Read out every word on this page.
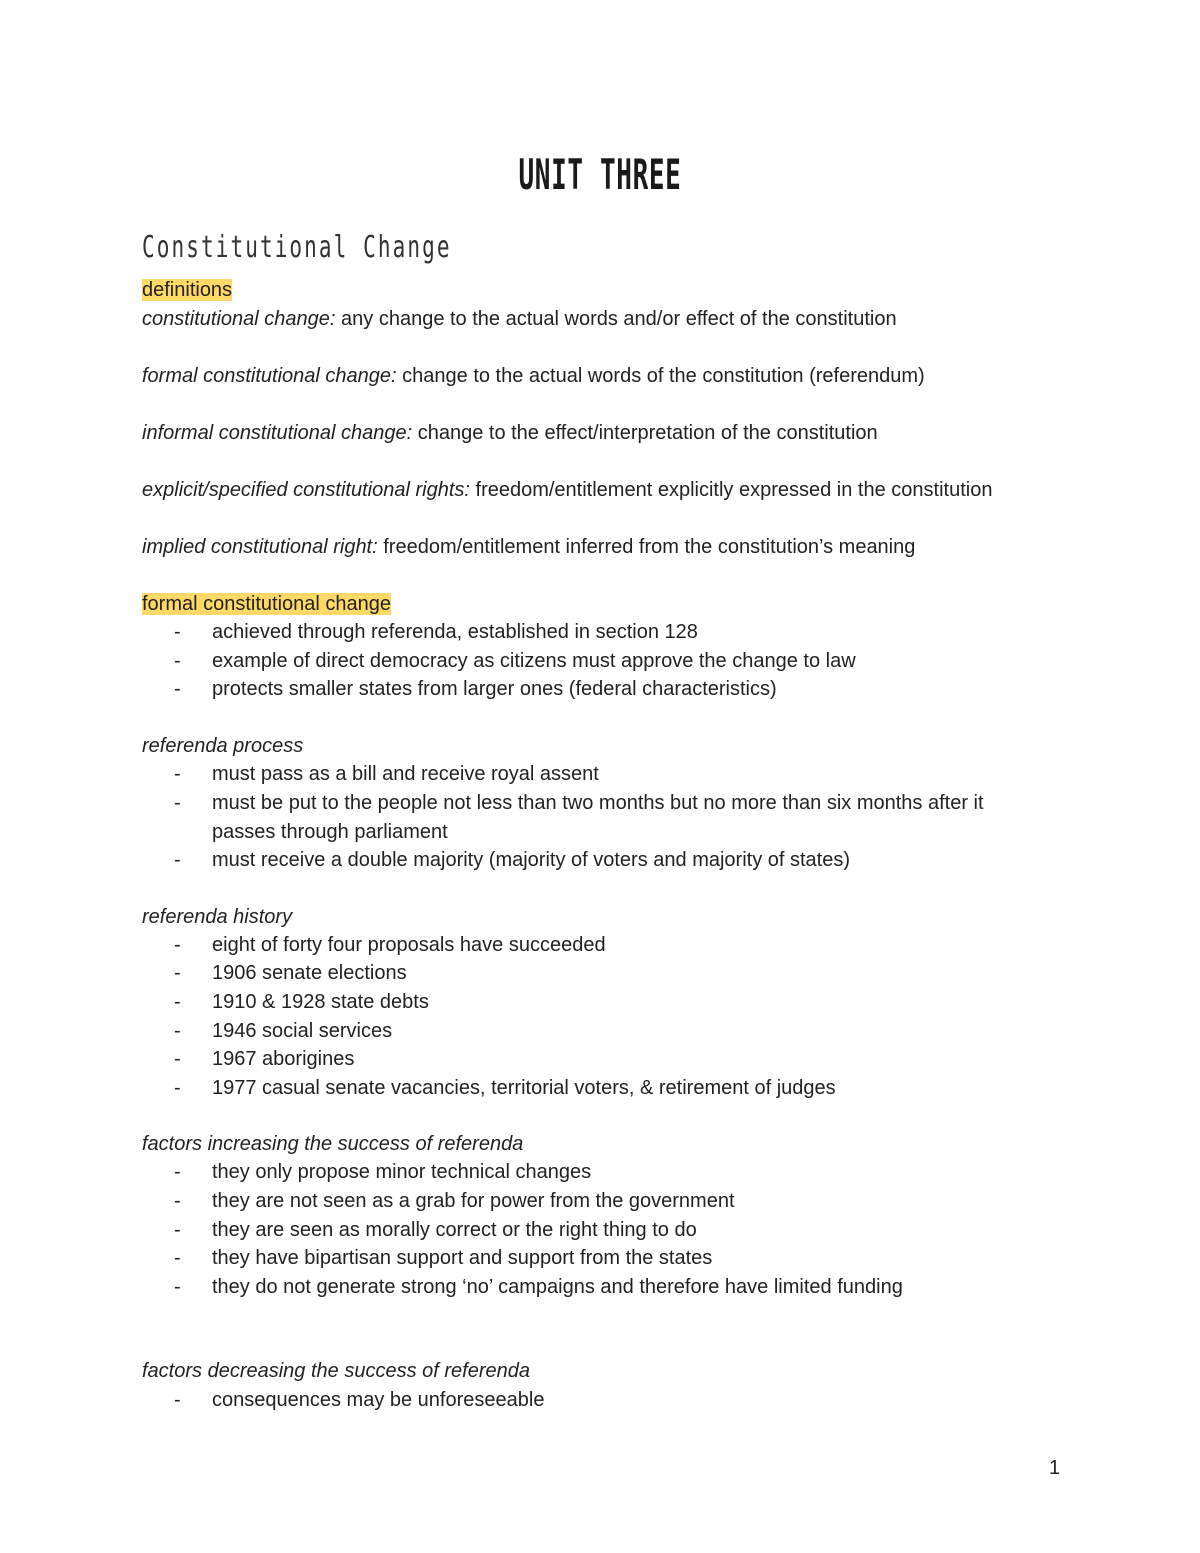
UNIT THREE
Constitutional Change
definitions
constitutional change: any change to the actual words and/or effect of the constitution
formal constitutional change: change to the actual words of the constitution (referendum)
informal constitutional change: change to the effect/interpretation of the constitution
explicit/specified constitutional rights: freedom/entitlement explicitly expressed in the constitution
implied constitutional right: freedom/entitlement inferred from the constitution’s meaning
formal constitutional change
- achieved through referenda, established in section 128
- example of direct democracy as citizens must approve the change to law
- protects smaller states from larger ones (federal characteristics)
referenda process
- must pass as a bill and receive royal assent
- must be put to the people not less than two months but no more than six months after it
passes through parliament
- must receive a double majority (majority of voters and majority of states)
referenda history
- eight of forty four proposals have succeeded
- 1906 senate elections
- 1910 & 1928 state debts
- 1946 social services
- 1967 aborigines
- 1977 casual senate vacancies, territorial voters, & retirement of judges
factors increasing the success of referenda
- they only propose minor technical changes
- they are not seen as a grab for power from the government
- they are seen as morally correct or the right thing to do
- they have bipartisan support and support from the states
- they do not generate strong ‘no’ campaigns and therefore have limited funding
factors decreasing the success of referenda
- consequences may be unforeseeable
1
